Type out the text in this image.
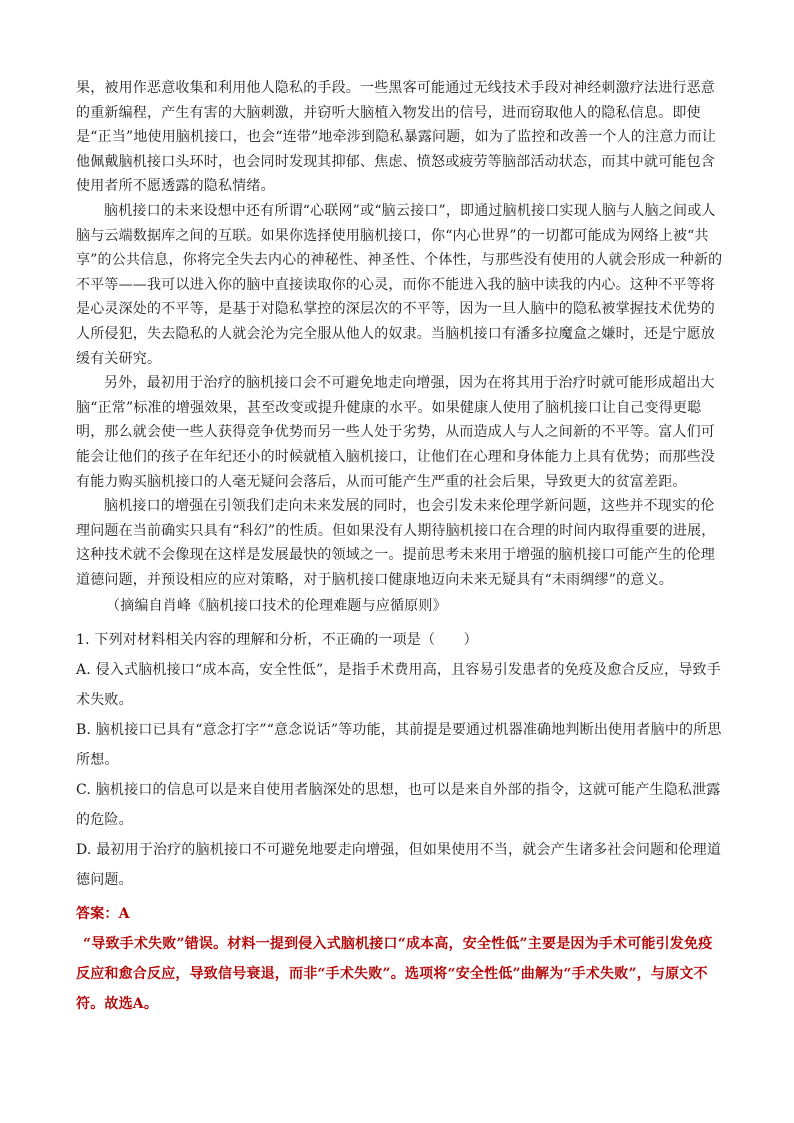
果，被用作恶意收集和利用他人隐私的手段。一些黑客可能通过无线技术手段对神经刺激疗法进行恶意的重新编程，产生有害的大脑刺激，并窃听大脑植入物发出的信号，进而窃取他人的隐私信息。即使是“正当”地使用脑机接口，也会“连带”地牵涉到隐私暴露问题，如为了监控和改善一个人的注意力而让他佩戴脑机接口头环时，也会同时发现其抑郁、焦虑、愤怒或疲劳等脑部活动状态，而其中就可能包含使用者所不愿透露的隐私情绪。

脑机接口的未来设想中还有所谓“心联网”或“脑云接口”，即通过脑机接口实现人脑与人脑之间或人脑与云端数据库之间的互联。如果你选择使用脑机接口，你“内心世界”的一切都可能成为网络上被“共享”的公共信息，你将完全失去内心的神秘性、神圣性、个体性，与那些没有使用的人就会形成一种新的不平等——我可以进入你的脑中直接读取你的心灵，而你不能进入我的脑中读我的内心。这种不平等将是心灵深处的不平等，是基于对隐私掌控的深层次的不平等，因为一旦人脑中的隐私被掌握技术优势的人所侵犯，失去隐私的人就会沦为完全服从他人的奴隶。当脑机接口有潘多拉魔盒之嫌时，还是宁愿放缓有关研究。

另外，最初用于治疗的脑机接口会不可避免地走向增强，因为在将其用于治疗时就可能形成超出大脑“正常”标准的增强效果，甚至改变或提升健康的水平。如果健康人使用了脑机接口让自己变得更聪明，那么就会使一些人获得竞争优势而另一些人处于劣势，从而造成人与人之间新的不平等。富人们可能会让他们的孩子在年纪还小的时候就植入脑机接口，让他们在心理和身体能力上具有优势；而那些没有能力购买脑机接口的人毫无疑问会落后，从而可能产生严重的社会后果，导致更大的贫富差距。

脑机接口的增强在引领我们走向未来发展的同时，也会引发未来伦理学新问题，这些并不现实的伦理问题在当前确实只具有“科幻”的性质。但如果没有人期待脑机接口在合理的时间内取得重要的进展，这种技术就不会像现在这样是发展最快的领域之一。提前思考未来用于增强的脑机接口可能产生的伦理道德问题，并预设相应的应对策略，对于脑机接口健康地迈向未来无疑具有“未雨绸缪”的意义。

（摘编自肖峰《脑机接口技术的伦理难题与应循原则》

1. 下列对材料相关内容的理解和分析，不正确的一项是（　　）

A. 侵入式脑机接口“成本高，安全性低”，是指手术费用高，且容易引发患者的免疫及愈合反应，导致手术失败。

B. 脑机接口已具有“意念打字”“意念说话”等功能，其前提是要通过机器准确地判断出使用者脑中的所思所想。

C. 脑机接口的信息可以是来自使用者脑深处的思想，也可以是来自外部的指令，这就可能产生隐私泄露的危险。

D. 最初用于治疗的脑机接口不可避免地要走向增强，但如果使用不当，就会产生诸多社会问题和伦理道德问题。

答案：A

“导致手术失败”错误。材料一提到侵入式脑机接口“成本高，安全性低”主要是因为手术可能引发免疫反应和愈合反应，导致信号衰退，而非“手术失败”。选项将“安全性低”曲解为“手术失败”，与原文不符。故选A。
